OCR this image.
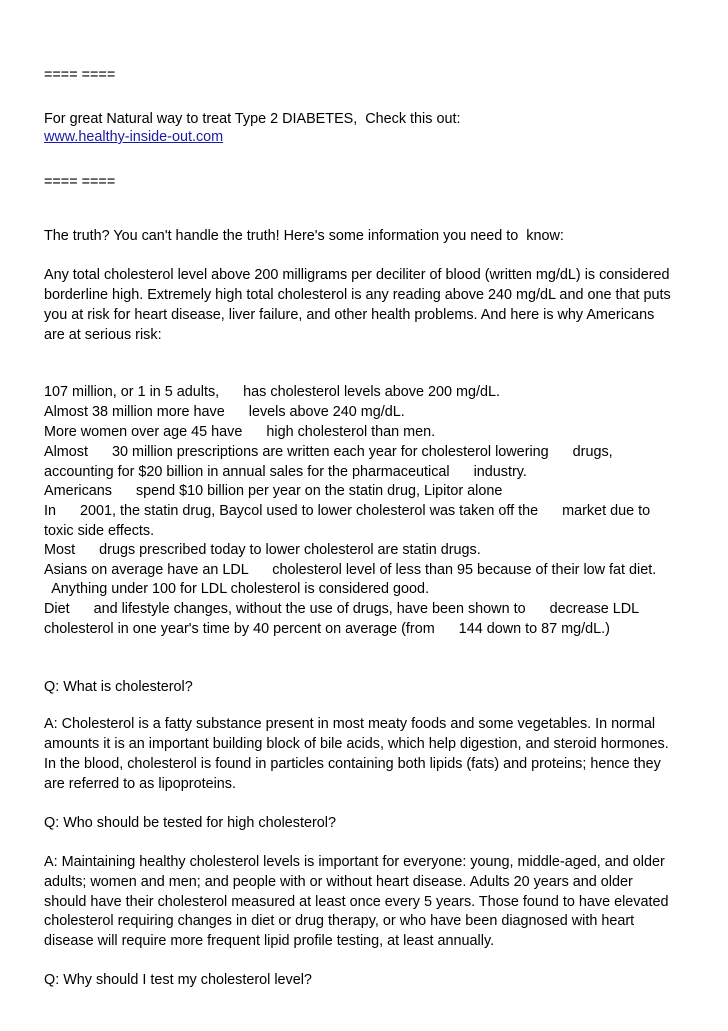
==== ====
For great Natural way to treat Type 2 DIABETES,  Check this out:
www.healthy-inside-out.com
==== ====
The truth? You can't handle the truth! Here's some information you need to  know:
Any total cholesterol level above 200 milligrams per deciliter of blood (written mg/dL) is considered
borderline high. Extremely high total cholesterol is any reading above 240 mg/dL and one that puts
you at risk for heart disease, liver failure, and other health problems. And here is why Americans
are at serious risk:
107 million, or 1 in 5 adults,      has cholesterol levels above 200 mg/dL.
Almost 38 million more have      levels above 240 mg/dL.
More women over age 45 have      high cholesterol than men.
Almost      30 million prescriptions are written each year for cholesterol lowering      drugs,
accounting for $20 billion in annual sales for the pharmaceutical      industry.
Americans      spend $10 billion per year on the statin drug, Lipitor alone
In      2001, the statin drug, Baycol used to lower cholesterol was taken off the      market due to
toxic side effects.
Most      drugs prescribed today to lower cholesterol are statin drugs.
Asians on average have an LDL      cholesterol level of less than 95 because of their low fat diet.
Anything under 100 for LDL cholesterol is considered good.
Diet      and lifestyle changes, without the use of drugs, have been shown to      decrease LDL
cholesterol in one year's time by 40 percent on average (from      144 down to 87 mg/dL.)
Q: What is cholesterol?
A: Cholesterol is a fatty substance present in most meaty foods and some vegetables. In normal
amounts it is an important building block of bile acids, which help digestion, and steroid hormones.
In the blood, cholesterol is found in particles containing both lipids (fats) and proteins; hence they
are referred to as lipoproteins.
Q: Who should be tested for high cholesterol?
A: Maintaining healthy cholesterol levels is important for everyone: young, middle-aged, and older
adults; women and men; and people with or without heart disease. Adults 20 years and older
should have their cholesterol measured at least once every 5 years. Those found to have elevated
cholesterol requiring changes in diet or drug therapy, or who have been diagnosed with heart
disease will require more frequent lipid profile testing, at least annually.
Q: Why should I test my cholesterol level?
